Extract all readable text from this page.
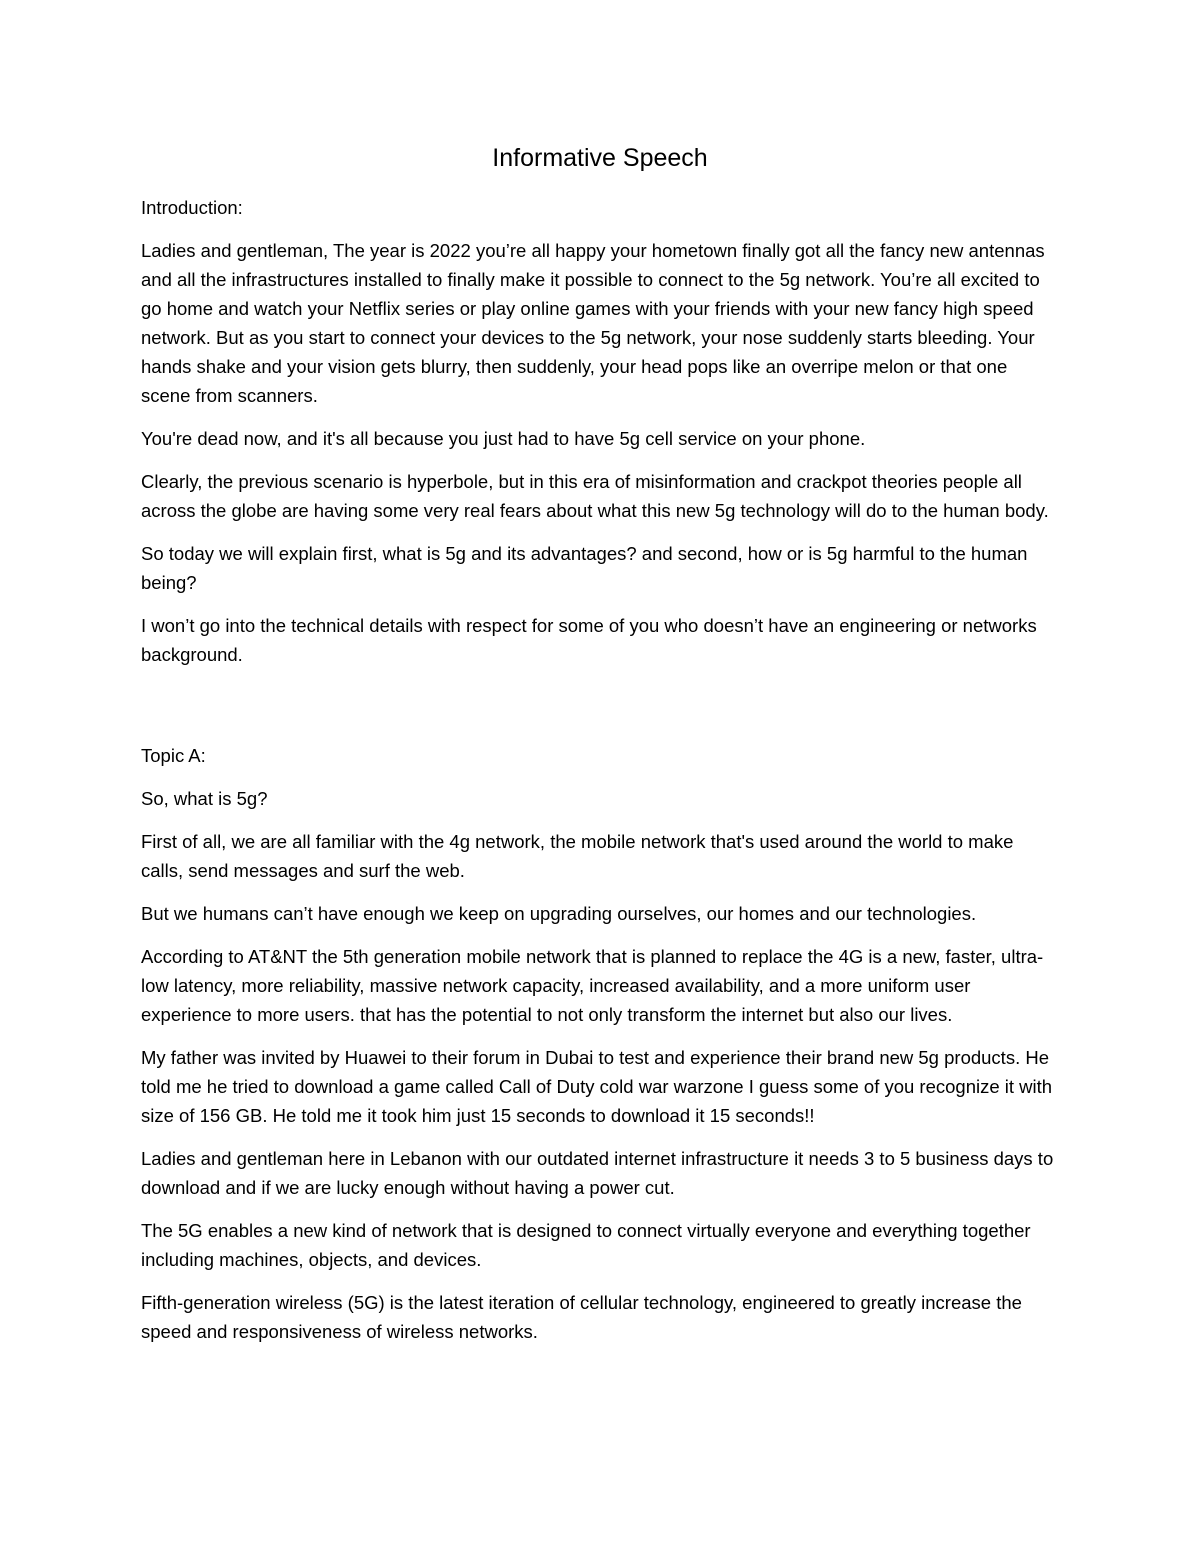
Informative Speech
Introduction:
Ladies and gentleman, The year is 2022 you’re all happy your hometown finally got all the fancy new antennas and all the infrastructures installed to finally make it possible to connect to the 5g network. You’re all excited to go home and watch your Netflix series or play online games with your friends with your new fancy high speed network. But as you start to connect your devices to the 5g network, your nose suddenly starts bleeding. Your hands shake and your vision gets blurry, then suddenly, your head pops like an overripe melon or that one scene from scanners.
You're dead now, and it's all because you just had to have 5g cell service on your phone.
Clearly, the previous scenario is hyperbole, but in this era of misinformation and crackpot theories people all across the globe are having some very real fears about what this new 5g technology will do to the human body.
So today we will explain first, what is 5g and its advantages? and second, how or is 5g harmful to the human being?
I won’t go into the technical details with respect for some of you who doesn’t have an engineering or networks background.
Topic A:
So, what is 5g?
First of all, we are all familiar with the 4g network, the mobile network that's used around the world to make calls, send messages and surf the web.
But we humans can’t have enough we keep on upgrading ourselves, our homes and our technologies.
According to AT&NT the 5th generation mobile network that is planned to replace the 4G is a new, faster, ultra-low latency, more reliability, massive network capacity, increased availability, and a more uniform user experience to more users. that has the potential to not only transform the internet but also our lives.
My father was invited by Huawei to their forum in Dubai to test and experience their brand new 5g products. He told me he tried to download a game called Call of Duty cold war warzone I guess some of you recognize it with size of 156 GB. He told me it took him just 15 seconds to download it 15 seconds!!
Ladies and gentleman here in Lebanon with our outdated internet infrastructure it needs 3 to 5 business days to download and if we are lucky enough without having a power cut.
The 5G enables a new kind of network that is designed to connect virtually everyone and everything together including machines, objects, and devices.
Fifth-generation wireless (5G) is the latest iteration of cellular technology, engineered to greatly increase the speed and responsiveness of wireless networks.
